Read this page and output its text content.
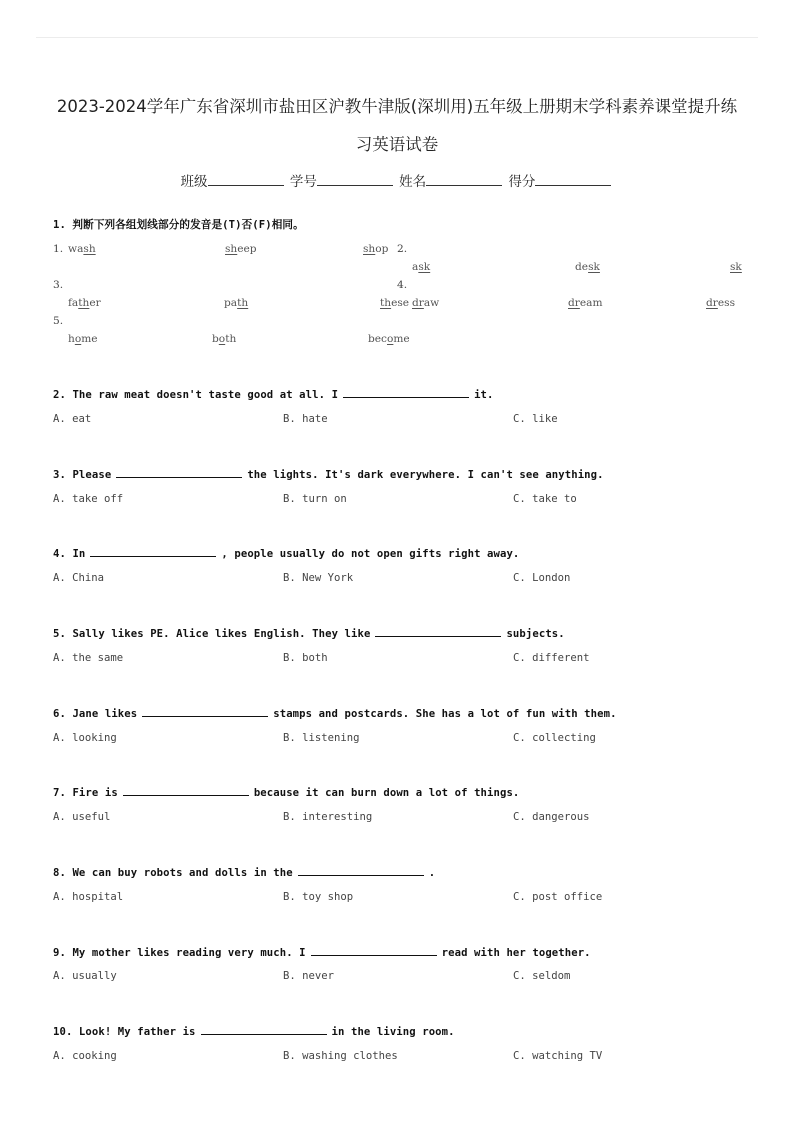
2023-2024学年广东省深圳市盐田区沪教牛津版(深圳用)五年级上册期末学科素养课堂提升练
习英语试卷
班级	学号	姓名	得分
1. 判断下列各组划线部分的发音是(T)否(F)相同。
1. wash	sheep	shop 2.
ask	desk	sk
3.
father	path	these
4.
draw	dream	dress
5.
home	both	become
2. The raw meat doesn't taste good at all. I	it.
A. eat	B. hate	C. like
3. Please	the lights. It's dark everywhere. I can't see anything.
A. take off	B. turn on	C. take to
4. In	, people usually do not open gifts right away.
A. China	B. New York	C. London
5. Sally likes PE. Alice likes English. They like	subjects.
A. the same	B. both	C. different
6. Jane likes	stamps and postcards. She has a lot of fun with them.
A. looking	B. listening	C. collecting
7. Fire is	because it can burn down a lot of things.
A. useful	B. interesting	C. dangerous
8. We can buy robots and dolls in the	.
A. hospital	B. toy shop	C. post office
9. My mother likes reading very much. I	read with her together.
A. usually	B. never	C. seldom
10. Look! My father is	in the living room.
A. cooking	B. washing clothes	C. watching TV
